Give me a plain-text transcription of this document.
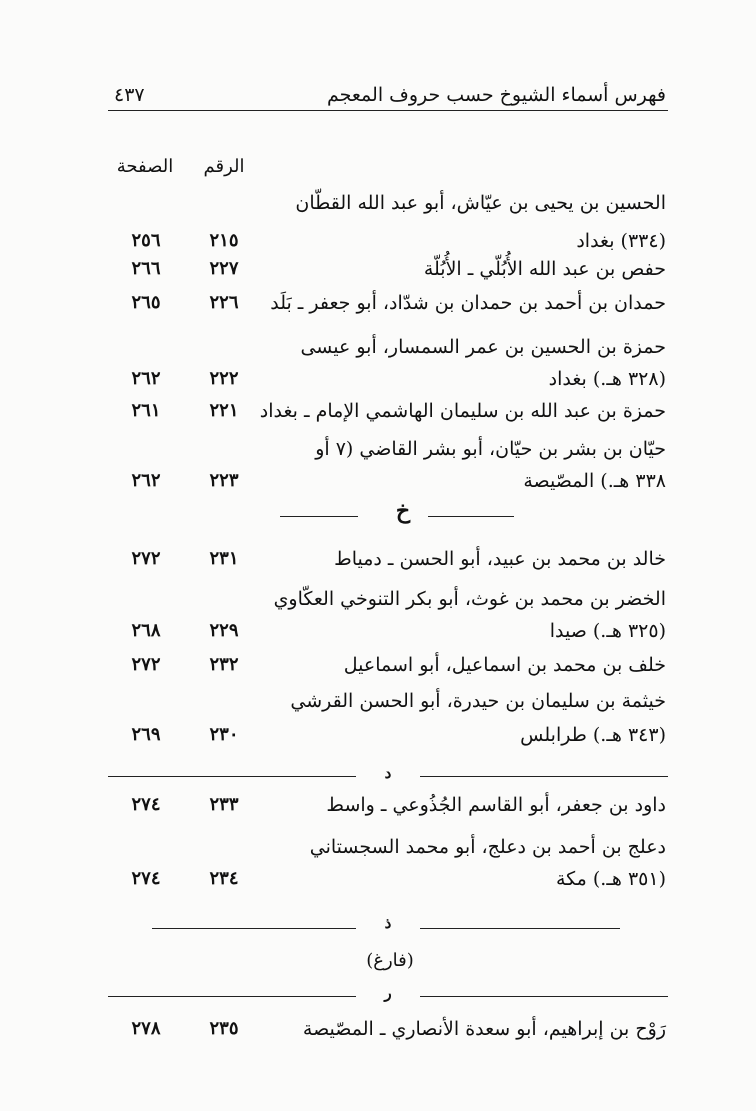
فهرس أسماء الشيوخ حسب حروف المعجم
٤٣٧
الرقم
الصفحة
خ
د
ذ
(فارغ)
ر
الحسين بن يحيى بن عيّاش، أبو عبد الله القطّان
(٣٣٤) بغداد
٢١٥
٢٥٦
حفص بن عبد الله الأُبُلّي ـ الأُبُلّة
٢٢٧
٢٦٦
حمدان بن أحمد بن حمدان بن شدّاد، أبو جعفر ـ بَلَد
٢٢٦
٢٦٥
حمزة بن الحسين بن عمر السمسار، أبو عيسى
(٣٢٨ هـ.) بغداد
٢٢٢
٢٦٢
حمزة بن عبد الله بن سليمان الهاشمي الإمام ـ بغداد
٢٢١
٢٦١
حيّان بن بشر بن حيّان، أبو بشر القاضي (٧ أو
٣٣٨ هـ.) المصّيصة
٢٢٣
٢٦٢
خالد بن محمد بن عبيد، أبو الحسن ـ دمياط
٢٣١
٢٧٢
الخضر بن محمد بن غوث، أبو بكر التنوخي العكّاوي
(٣٢٥ هـ.) صيدا
٢٢٩
٢٦٨
خلف بن محمد بن اسماعيل، أبو اسماعيل
٢٣٢
٢٧٢
خيثمة بن سليمان بن حيدرة، أبو الحسن القرشي
(٣٤٣ هـ.) طرابلس
٢٣٠
٢٦٩
داود بن جعفر، أبو القاسم الجُذُوعي ـ واسط
٢٣٣
٢٧٤
دعلج بن أحمد بن دعلج، أبو محمد السجستاني
(٣٥١ هـ.) مكة
٢٣٤
٢٧٤
رَوْح بن إبراهيم، أبو سعدة الأنصاري ـ المصّيصة
٢٣٥
٢٧٨
